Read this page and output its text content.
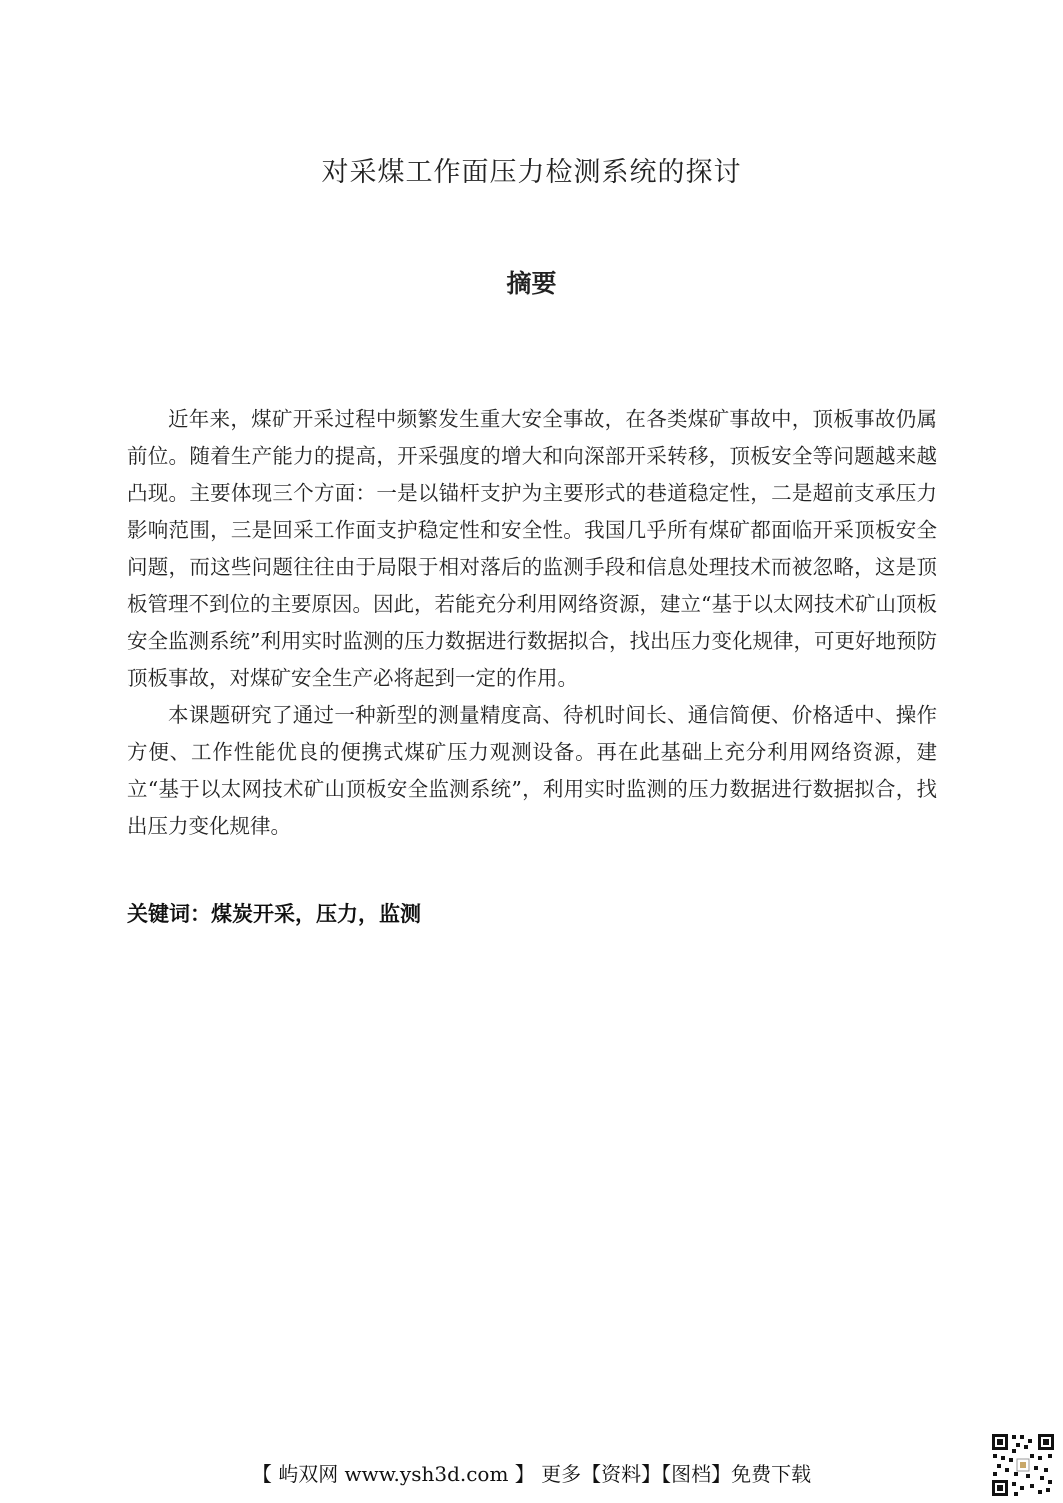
对采煤工作面压力检测系统的探讨
摘要

近年来，煤矿开采过程中频繁发生重大安全事故，在各类煤矿事故中，顶板事故仍属前位。随着生产能力的提高，开采强度的增大和向深部开采转移，顶板安全等问题越来越凸现。主要体现三个方面：一是以锚杆支护为主要形式的巷道稳定性，二是超前支承压力影响范围，三是回采工作面支护稳定性和安全性。我国几乎所有煤矿都面临开采顶板安全问题，而这些问题往往由于局限于相对落后的监测手段和信息处理技术而被忽略，这是顶板管理不到位的主要原因。因此，若能充分利用网络资源，建立“基于以太网技术矿山顶板安全监测系统”利用实时监测的压力数据进行数据拟合，找出压力变化规律，可更好地预防顶板事故，对煤矿安全生产必将起到一定的作用。

本课题研究了通过一种新型的测量精度高、待机时间长、通信简便、价格适中、操作方便、工作性能优良的便携式煤矿压力观测设备。再在此基础上充分利用网络资源，建立“基于以太网技术矿山顶板安全监测系统”，利用实时监测的压力数据进行数据拟合，找出压力变化规律。

关键词：煤炭开采，压力，监测
【 屿双网 www.ysh3d.com 】 更多【资料】【图档】免费下载
